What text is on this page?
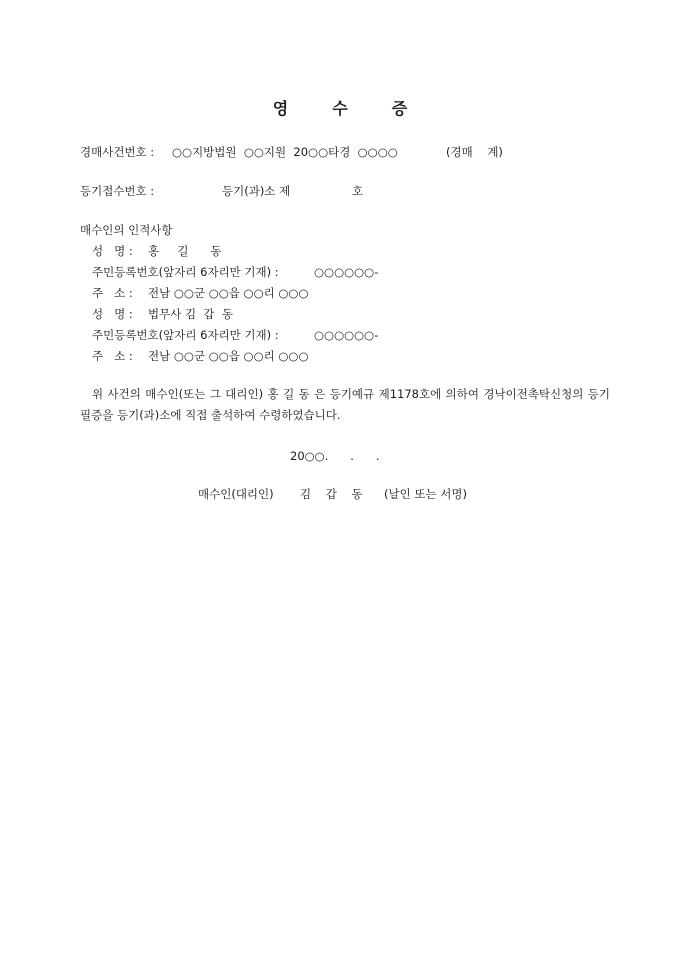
영	수	증
경매사건번호 : ○○지방법원  ○○지원  20○○타경  ○○○○	(경매    계)
등기접수번호 :	등기(과)소 제	호
매수인의 인적사항
성   명 : 홍     길      동
주민등록번호(앞자리 6자리만 기재) :	○○○○○○-
주   소 : 전남 ○○군 ○○읍 ○○리 ○○○
성   명 : 법무사 김  갑  동
주민등록번호(앞자리 6자리만 기재) :	○○○○○○-
주   소 : 전남 ○○군 ○○읍 ○○리 ○○○
위 사건의 매수인(또는 그 대리인) 홍 길 동 은 등기예규 제1178호에 의하여 경낙이전촉탁신청의 등기필증을 등기(과)소에 직접 출석하여 수령하였습니다.
20○○.      .      .
매수인(대리인) 김    갑    동 (날인 또는 서명)
